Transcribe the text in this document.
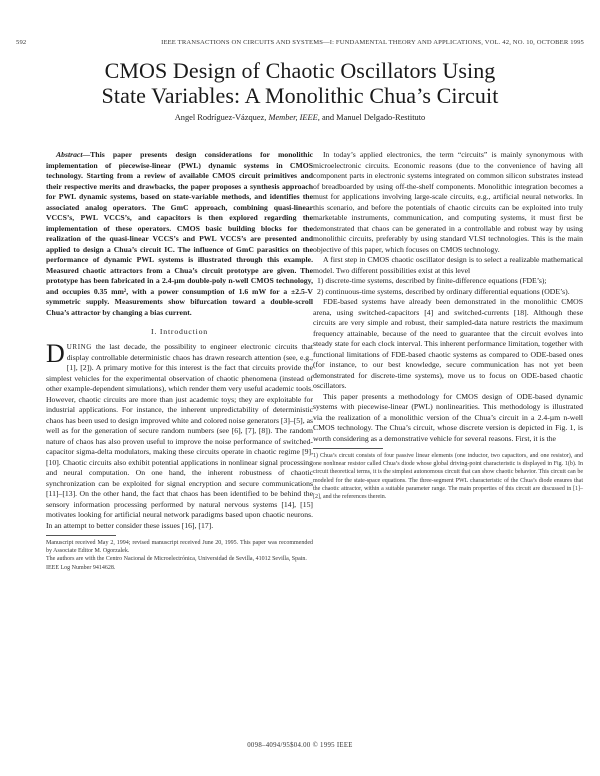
592	IEEE TRANSACTIONS ON CIRCUITS AND SYSTEMS—I: FUNDAMENTAL THEORY AND APPLICATIONS, VOL. 42, NO. 10, OCTOBER 1995
CMOS Design of Chaotic Oscillators Using
State Variables: A Monolithic Chua’s Circuit
Angel Rodríguez-Vázquez, Member, IEEE, and Manuel Delgado-Restituto

Abstract—This paper presents design considerations for monolithic implementation of piecewise-linear (PWL) dynamic systems in CMOS technology. Starting from a review of available CMOS circuit primitives and their respective merits and drawbacks, the paper proposes a synthesis approach for PWL dynamic systems, based on state-variable methods, and identifies the associated analog operators. The GmC approach, combining quasi-linear VCCS’s, PWL VCCS’s, and capacitors is then explored regarding the implementation of these operators. CMOS basic building blocks for the realization of the quasi-linear VCCS’s and PWL VCCS’s are presented and applied to design a Chua’s circuit IC. The influence of GmC parasitics on the performance of dynamic PWL systems is illustrated through this example. Measured chaotic attractors from a Chua’s circuit prototype are given. The prototype has been fabricated in a 2.4-µm double-poly n-well CMOS technology, and occupies 0.35 mm², with a power consumption of 1.6 mW for a ±2.5-V symmetric supply. Measurements show bifurcation toward a double-scroll Chua’s attractor by changing a bias current.

I. Introduction

DURING the last decade, the possibility to engineer electronic circuits that display controllable deterministic chaos has drawn research attention (see, e.g., [1], [2]). A primary motive for this interest is the fact that circuits provide the simplest vehicles for the experimental observation of chaotic phenomena (instead of other example-dependent simulations), which render them very useful academic tools. However, chaotic circuits are more than just academic toys; they are exploitable for industrial applications. For instance, the inherent unpredictability of deterministic chaos has been used to design improved white and colored noise generators [3]–[5], as well as for the generation of secure random numbers (see [6], [7], [8]). The random nature of chaos has also proven useful to improve the noise performance of switched-capacitor sigma-delta modulators, making these circuits operate in chaotic regime [9], [10]. Chaotic circuits also exhibit potential applications in nonlinear signal processing and neural computation. On one hand, the inherent robustness of chaotic synchronization can be exploited for signal encryption and secure communications [11]–[13]. On the other hand, the fact that chaos has been identified to be behind the sensory information processing performed by natural nervous systems [14], [15] motivates looking for artificial neural network paradigms based upon chaotic neurons. In an attempt to better consider these issues [16], [17].

Manuscript received May 2, 1994; revised manuscript received June 20, 1995. This paper was recommended by Associate Editor M. Ogorzalek.

The authors are with the Centro Nacional de Microelectrónica, Universidad de Sevilla, 41012 Sevilla, Spain.

IEEE Log Number 9414628.

In today’s applied electronics, the term “circuits” is mainly synonymous with microelectronic circuits. Economic reasons (due to the convenience of having all component parts in electronic systems integrated on common silicon substrates instead of breadboarded by using off-the-shelf components. Monolithic integration becomes a must for applications involving large-scale circuits, e.g., artificial neural networks. In this scenario, and before the potentials of chaotic circuits can be exploited into truly marketable instruments, communication, and computing systems, it must first be demonstrated that chaos can be generated in a controllable and robust way by using monolithic circuits, preferably by using standard VLSI technologies. This is the main objective of this paper, which focuses on CMOS technology.

A first step in CMOS chaotic oscillator design is to select a realizable mathematical model. Two different possibilities exist at this level

1) discrete-time systems, described by finite-difference equations (FDE’s);

2) continuous-time systems, described by ordinary differential equations (ODE’s).

FDE-based systems have already been demonstrated in the monolithic CMOS arena, using switched-capacitors [4] and switched-currents [18]. Although these circuits are very simple and robust, their sampled-data nature restricts the maximum frequency attainable, because of the need to guarantee that the circuit evolves into steady state for each clock interval. This inherent performance limitation, together with functional limitations of FDE-based chaotic systems as compared to ODE-based ones (for instance, to our best knowledge, secure communication has not yet been demonstrated for discrete-time systems), move us to focus on ODE-based chaotic oscillators.

This paper presents a methodology for CMOS design of ODE-based dynamic systems with piecewise-linear (PWL) nonlinearities. This methodology is illustrated via the realization of a monolithic version of the Chua’s circuit in a 2.4-µm n-well CMOS technology. The Chua’s circuit, whose discrete version is depicted in Fig. 1, is worth considering as a demonstrative vehicle for several reasons. First, it is the

1) Chua’s circuit consists of four passive linear elements (one inductor, two capacitors, and one resistor), and one nonlinear resistor called Chua’s diode whose global driving-point characteristic is displayed in Fig. 1(b). In circuit theoretical terms, it is the simplest autonomous circuit that can show chaotic behavior. This circuit can be modeled for the state-space equations. The three-segment PWL characteristic of the Chua’s diode ensures that the chaotic attractor, within a suitable parameter range. The main properties of this circuit are discussed in [1]–[2], and the references therein.

0098–4094/95$04.00 © 1995 IEEE
